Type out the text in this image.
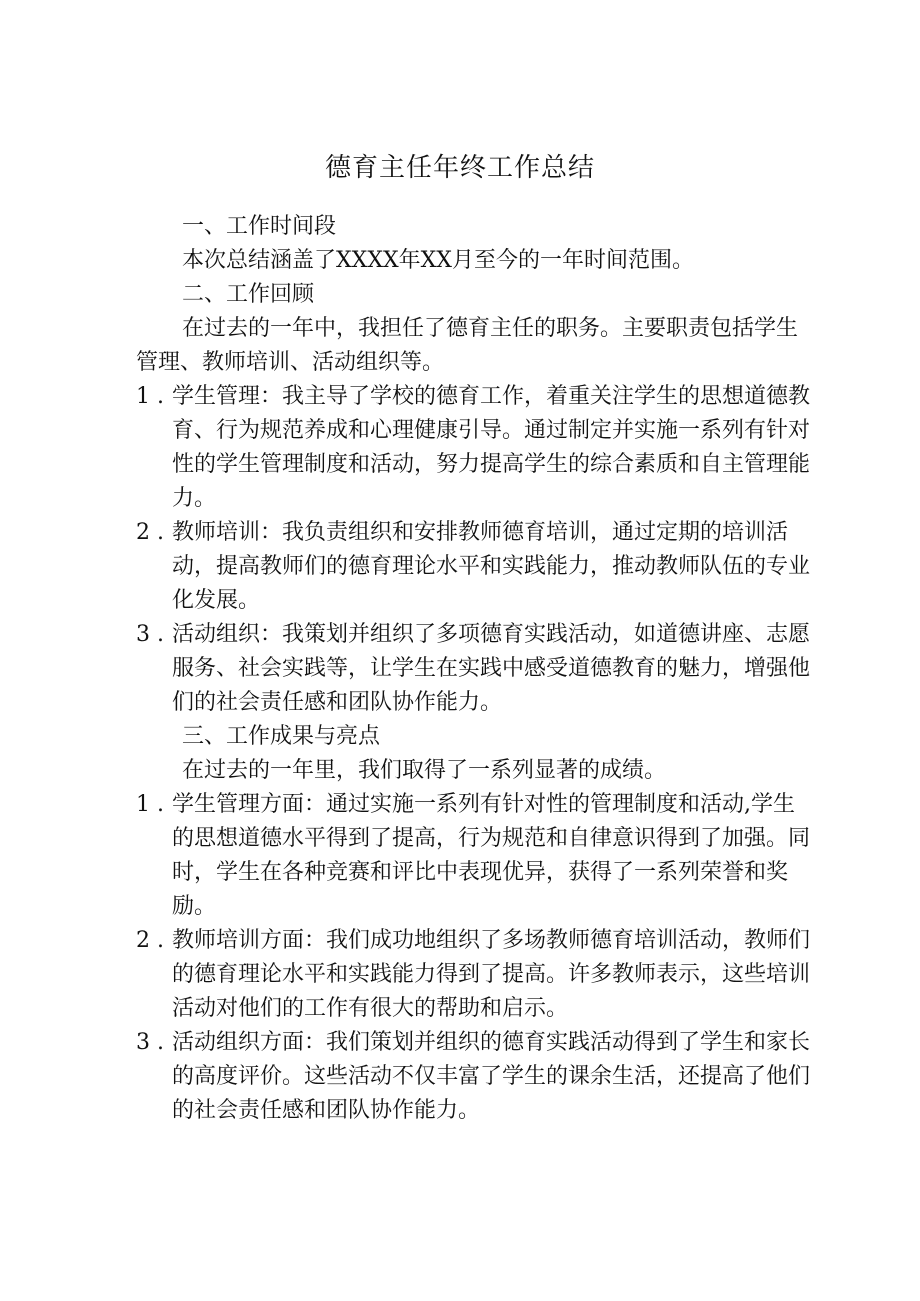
德育主任年终工作总结

一、工作时间段

本次总结涵盖了XXXX年XX月至今的一年时间范围。

二、工作回顾

在过去的一年中，我担任了德育主任的职务。主要职责包括学生管理、教师培训、活动组织等。

1 . 学生管理：我主导了学校的德育工作，着重关注学生的思想道德教育、行为规范养成和心理健康引导。通过制定并实施一系列有针对性的学生管理制度和活动，努力提高学生的综合素质和自主管理能力。
2 . 教师培训：我负责组织和安排教师德育培训，通过定期的培训活动，提高教师们的德育理论水平和实践能力，推动教师队伍的专业化发展。
3 . 活动组织：我策划并组织了多项德育实践活动，如道德讲座、志愿服务、社会实践等，让学生在实践中感受道德教育的魅力，增强他们的社会责任感和团队协作能力。

三、工作成果与亮点

在过去的一年里，我们取得了一系列显著的成绩。

1 . 学生管理方面：通过实施一系列有针对性的管理制度和活动,学生的思想道德水平得到了提高，行为规范和自律意识得到了加强。同时，学生在各种竞赛和评比中表现优异，获得了一系列荣誉和奖励。
2 . 教师培训方面：我们成功地组织了多场教师德育培训活动，教师们的德育理论水平和实践能力得到了提高。许多教师表示，这些培训活动对他们的工作有很大的帮助和启示。
3 . 活动组织方面：我们策划并组织的德育实践活动得到了学生和家长的高度评价。这些活动不仅丰富了学生的课余生活，还提高了他们的社会责任感和团队协作能力。
